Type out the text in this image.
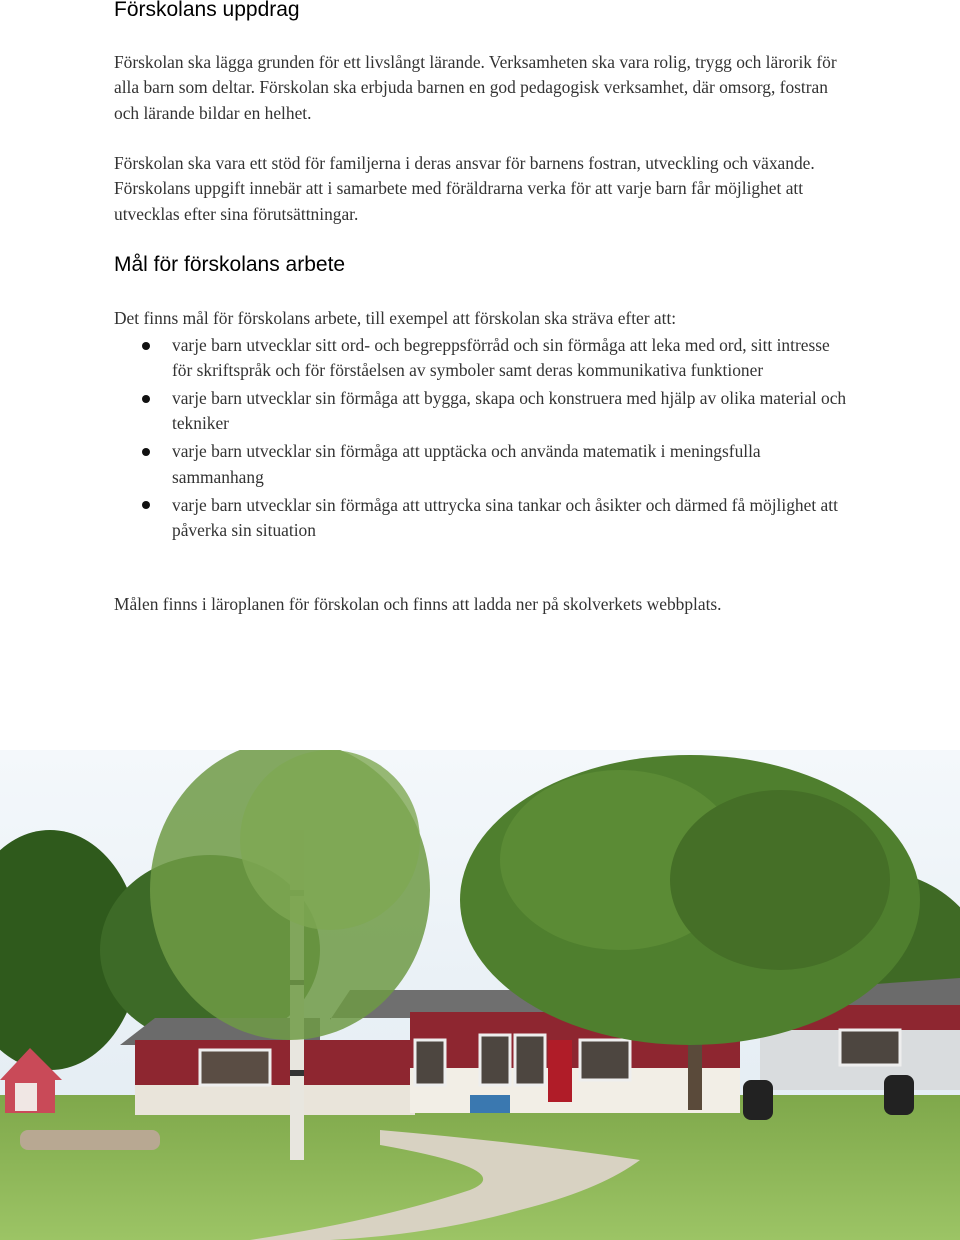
Förskolans uppdrag

Förskolan ska lägga grunden för ett livslångt lärande. Verksamheten ska vara rolig, trygg och lärorik för alla barn som deltar. Förskolan ska erbjuda barnen en god pedagogisk verksamhet, där omsorg, fostran och lärande bildar en helhet.

Förskolan ska vara ett stöd för familjerna i deras ansvar för barnens fostran, utveckling och växande. Förskolans uppgift innebär att i samarbete med föräldrarna verka för att varje barn får möjlighet att utvecklas efter sina förutsättningar.

Mål för förskolans arbete

Det finns mål för förskolans arbete, till exempel att förskolan ska sträva efter att:

varje barn utvecklar sitt ord- och begreppsförråd och sin förmåga att leka med ord, sitt intresse för skriftspråk och för förståelsen av symboler samt deras kommunikativa funktioner
varje barn utvecklar sin förmåga att bygga, skapa och konstruera med hjälp av olika material och tekniker
varje barn utvecklar sin förmåga att upptäcka och använda matematik i meningsfulla sammanhang
varje barn utvecklar sin förmåga att uttrycka sina tankar och åsikter och därmed få möjlighet att påverka sin situation

Målen finns i läroplanen för förskolan och finns att ladda ner på skolverkets webbplats.
